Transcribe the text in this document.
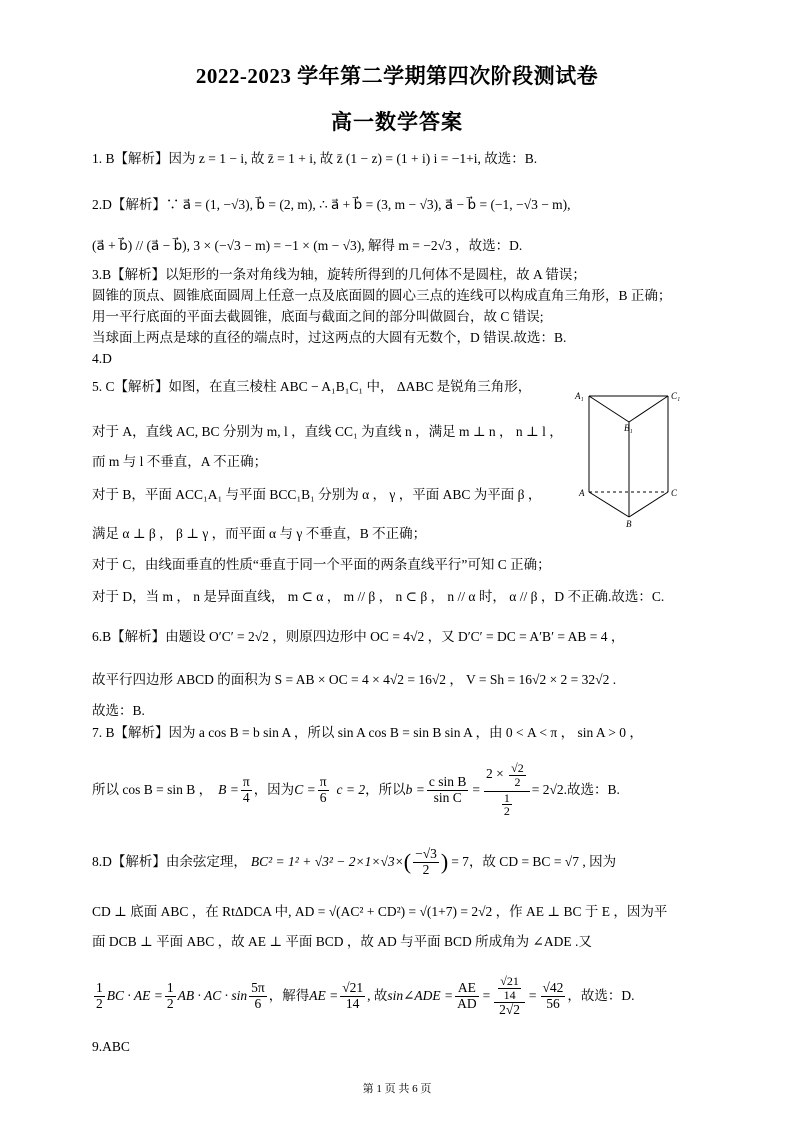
2022-2023 学年第二学期第四次阶段测试卷
高一数学答案
1. B【解析】因为 z = 1 − i, 故 z̄ = 1 + i, 故 z̄ (1 − z) = (1 + i) i = −1+i, 故选：B.
2.D【解析】∵ a⃗ = (1, −√3), b⃗ = (2, m), ∴ a⃗ + b⃗ = (3, m − √3), a⃗ − b⃗ = (−1, −√3 − m),
(a⃗ + b⃗) // (a⃗ − b⃗), 3 × (−√3 − m) = −1 × (m − √3), 解得 m = −2√3 ，故选：D.
3.B【解析】以矩形的一条对角线为轴，旋转所得到的几何体不是圆柱，故 A 错误；
圆锥的顶点、圆锥底面圆周上任意一点及底面圆的圆心三点的连线可以构成直角三角形，B 正确；
用一平行底面的平面去截圆锥，底面与截面之间的部分叫做圆台，故 C 错误;
当球面上两点是球的直径的端点时，过这两点的大圆有无数个，D 错误.故选：B.
4.D
5. C【解析】如图，在直三棱柱 ABC − A₁B₁C₁ 中， ΔABC 是锐角三角形，
对于 A，直线 AC, BC 分别为 m, l ，直线 CC₁ 为直线 n ，满足 m ⊥ n ， n ⊥ l ，
而 m 与 l 不垂直，A 不正确；
对于 B，平面 ACC₁A₁ 与平面 BCC₁B₁ 分别为 α ， γ ，平面 ABC 为平面 β ，
满足 α ⊥ β ， β ⊥ γ ，而平面 α 与 γ 不垂直，B 不正确；
对于 C，由线面垂直的性质“垂直于同一个平面的两条直线平行”可知 C 正确；
对于 D，当 m ， n 是异面直线， m ⊂ α ， m // β ， n ⊂ β ， n // α 时， α // β ，D 不正确.故选：C.
6.B【解析】由题设 O′C′ = 2√2 ，则原四边形中 OC = 4√2 ，又 D′C′ = DC = A′B′ = AB = 4 ，
故平行四边形 ABCD 的面积为 S = AB × OC = 4 × 4√2 = 16√2 ， V = Sh = 16√2 × 2 = 32√2 .
故选：B.
7. B【解析】因为 a cos B = b sin A ，所以 sin A cos B = sin B sin A ，由 0 < A < π ， sin A > 0 ，
所以 cos B = sin B ， $B = \frac{\pi}{4}$ ，因为 $C = \frac{\pi}{6}$ c = 2 ，所以 $b = \frac{\text{c sin B}}{\text{sin C}} = \frac{2 \times \frac{√2}{2}}{\frac{1}{2}} = 2√2$ .故选：B.
8.D【解析】由余弦定理， BC² = 1² + √3² − 2×1×√3× ( $\frac{-√3}{2}$ ) = 7 ，故 CD = BC = √7 , 因为
CD ⊥ 底面 ABC ，在 RtΔDCA 中, AD = √(AC² + CD²) = √(1+7) = 2√2 ，作 AE ⊥ BC 于 E ，因为平
面 DCB ⊥ 平面 ABC ，故 AE ⊥ 平面 BCD ，故 AD 与平面 BCD 所成角为 ∠ADE .又
$\frac{1}{2}$ BC · AE = $\frac{1}{2}$ AB · AC · $\sin \frac{5\pi}{6}$ ，解得 AE = $\frac{√21}{14}$ , 故 sin∠ADE = $\frac{AE}{AD} = \frac{\frac{√21}{14}}{2√2} = \frac{√42}{56}$ ，故选：D.
9.ABC
A₁	C₁
B₁
A	C
B
第 1 页 共 6 页
